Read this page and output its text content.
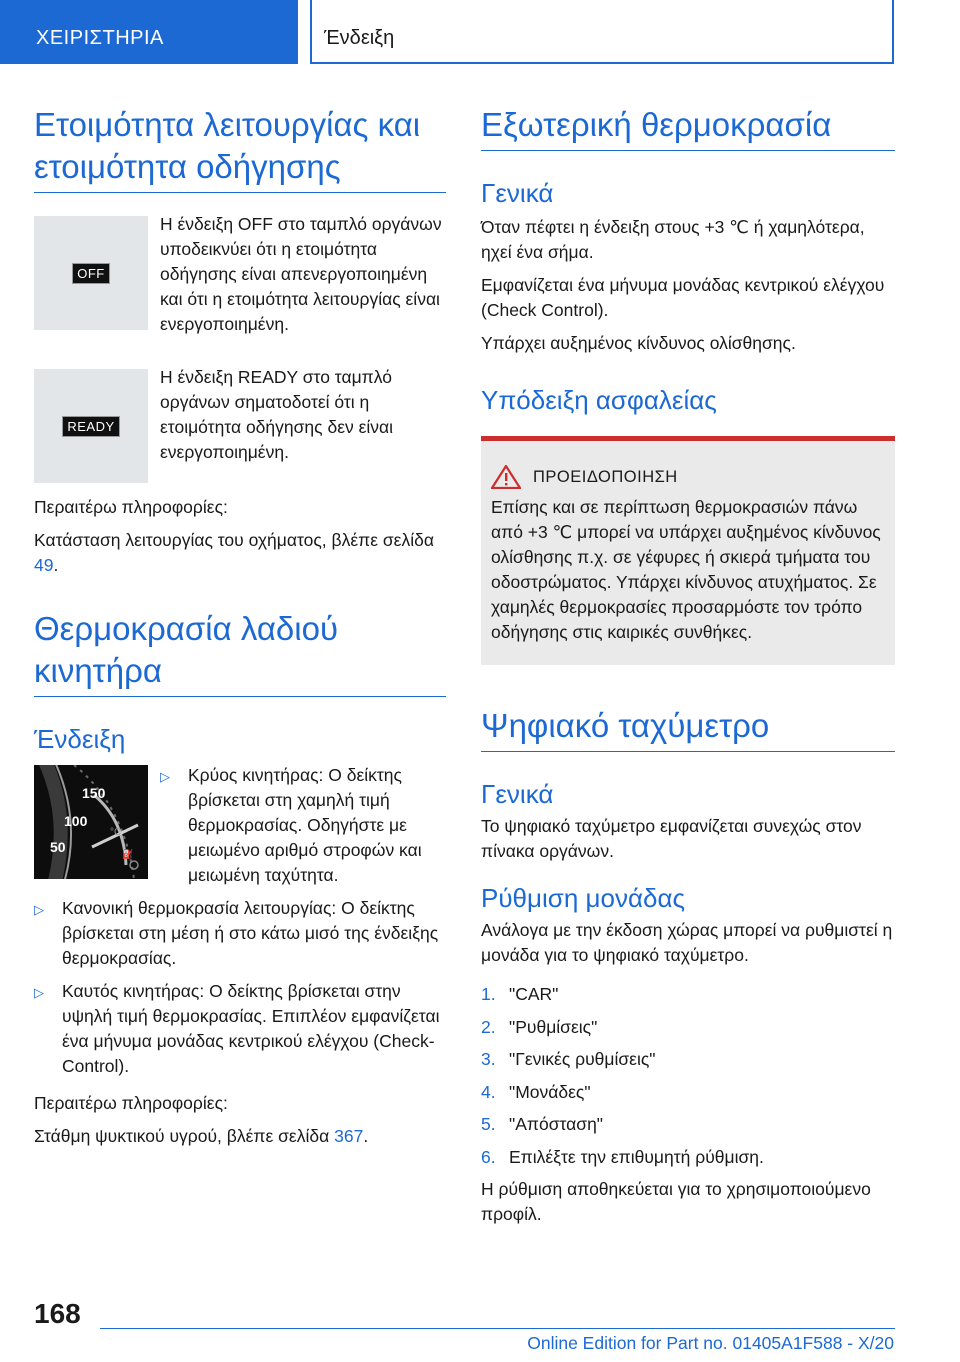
ΧΕΙΡΙΣΤΗΡΙΑ	Ένδειξη
Ετοιμότητα λειτουργίας και ετοιμότητα οδήγησης
OFF

Η ένδειξη OFF στο ταμπλό οργάνων υποδεικνύει ότι η ετοιμότητα οδήγησης είναι απενεργοποιημένη και ότι η ετοιμότητα λειτουργίας είναι ενεργοποιημένη.

READY

Η ένδειξη READY στο ταμπλό οργάνων σηματοδοτεί ότι η ετοιμότητα οδήγησης δεν είναι ενεργοποιημένη.

Περαιτέρω πληροφορίες:

Κατάσταση λειτουργίας του οχήματος, βλέπε σελίδα 49.

Θερμοκρασία λαδιού κινητήρα
Ένδειξη
°C
⛽
150
100
50
▷	Κρύος κινητήρας: Ο δείκτης βρίσκεται στη χαμηλή τιμή θερμοκρασίας. Οδηγήστε με μειωμένο αριθμό στροφών και μειωμένη ταχύτητα.
▷	Κανονική θερμοκρασία λειτουργίας: Ο δείκτης βρίσκεται στη μέση ή στο κάτω μισό της ένδειξης θερμοκρασίας.
▷	Καυτός κινητήρας: Ο δείκτης βρίσκεται στην υψηλή τιμή θερμοκρασίας. Επιπλέον εμφανίζεται ένα μήνυμα μονάδας κεντρικού ελέγχου (Check-Control).

Περαιτέρω πληροφορίες:

Στάθμη ψυκτικού υγρού, βλέπε σελίδα 367.

Εξωτερική θερμοκρασία
Γενικά

Όταν πέφτει η ένδειξη στους +3 ℃ ή χαμηλότερα, ηχεί ένα σήμα.

Εμφανίζεται ένα μήνυμα μονάδας κεντρικού ελέγχου (Check Control).

Υπάρχει αυξημένος κίνδυνος ολίσθησης.

Υπόδειξη ασφαλείας
ΠΡΟΕΙΔΟΠΟΙΗΣΗ

Επίσης και σε περίπτωση θερμοκρασιών πάνω από +3 ℃ μπορεί να υπάρχει αυξημένος κίνδυνος ολίσθησης π.χ. σε γέφυρες ή σκιερά τμήματα του οδοστρώματος. Υπάρχει κίνδυνος ατυχήματος. Σε χαμηλές θερμοκρασίες προσαρμόστε τον τρόπο οδήγησης στις καιρικές συνθήκες.

Ψηφιακό ταχύμετρο
Γενικά

Το ψηφιακό ταχύμετρο εμφανίζεται συνεχώς στον πίνακα οργάνων.

Ρύθμιση μονάδας

Ανάλογα με την έκδοση χώρας μπορεί να ρυθμιστεί η μονάδα για το ψηφιακό ταχύμετρο.

1. "CAR"
2. "Ρυθμίσεις"
3. "Γενικές ρυθμίσεις"
4. "Μονάδες"
5. "Απόσταση"
6. Επιλέξτε την επιθυμητή ρύθμιση.

Η ρύθμιση αποθηκεύεται για το χρησιμοποιούμενο προφίλ.

168
Online Edition for Part no. 01405A1F588 - X/20
